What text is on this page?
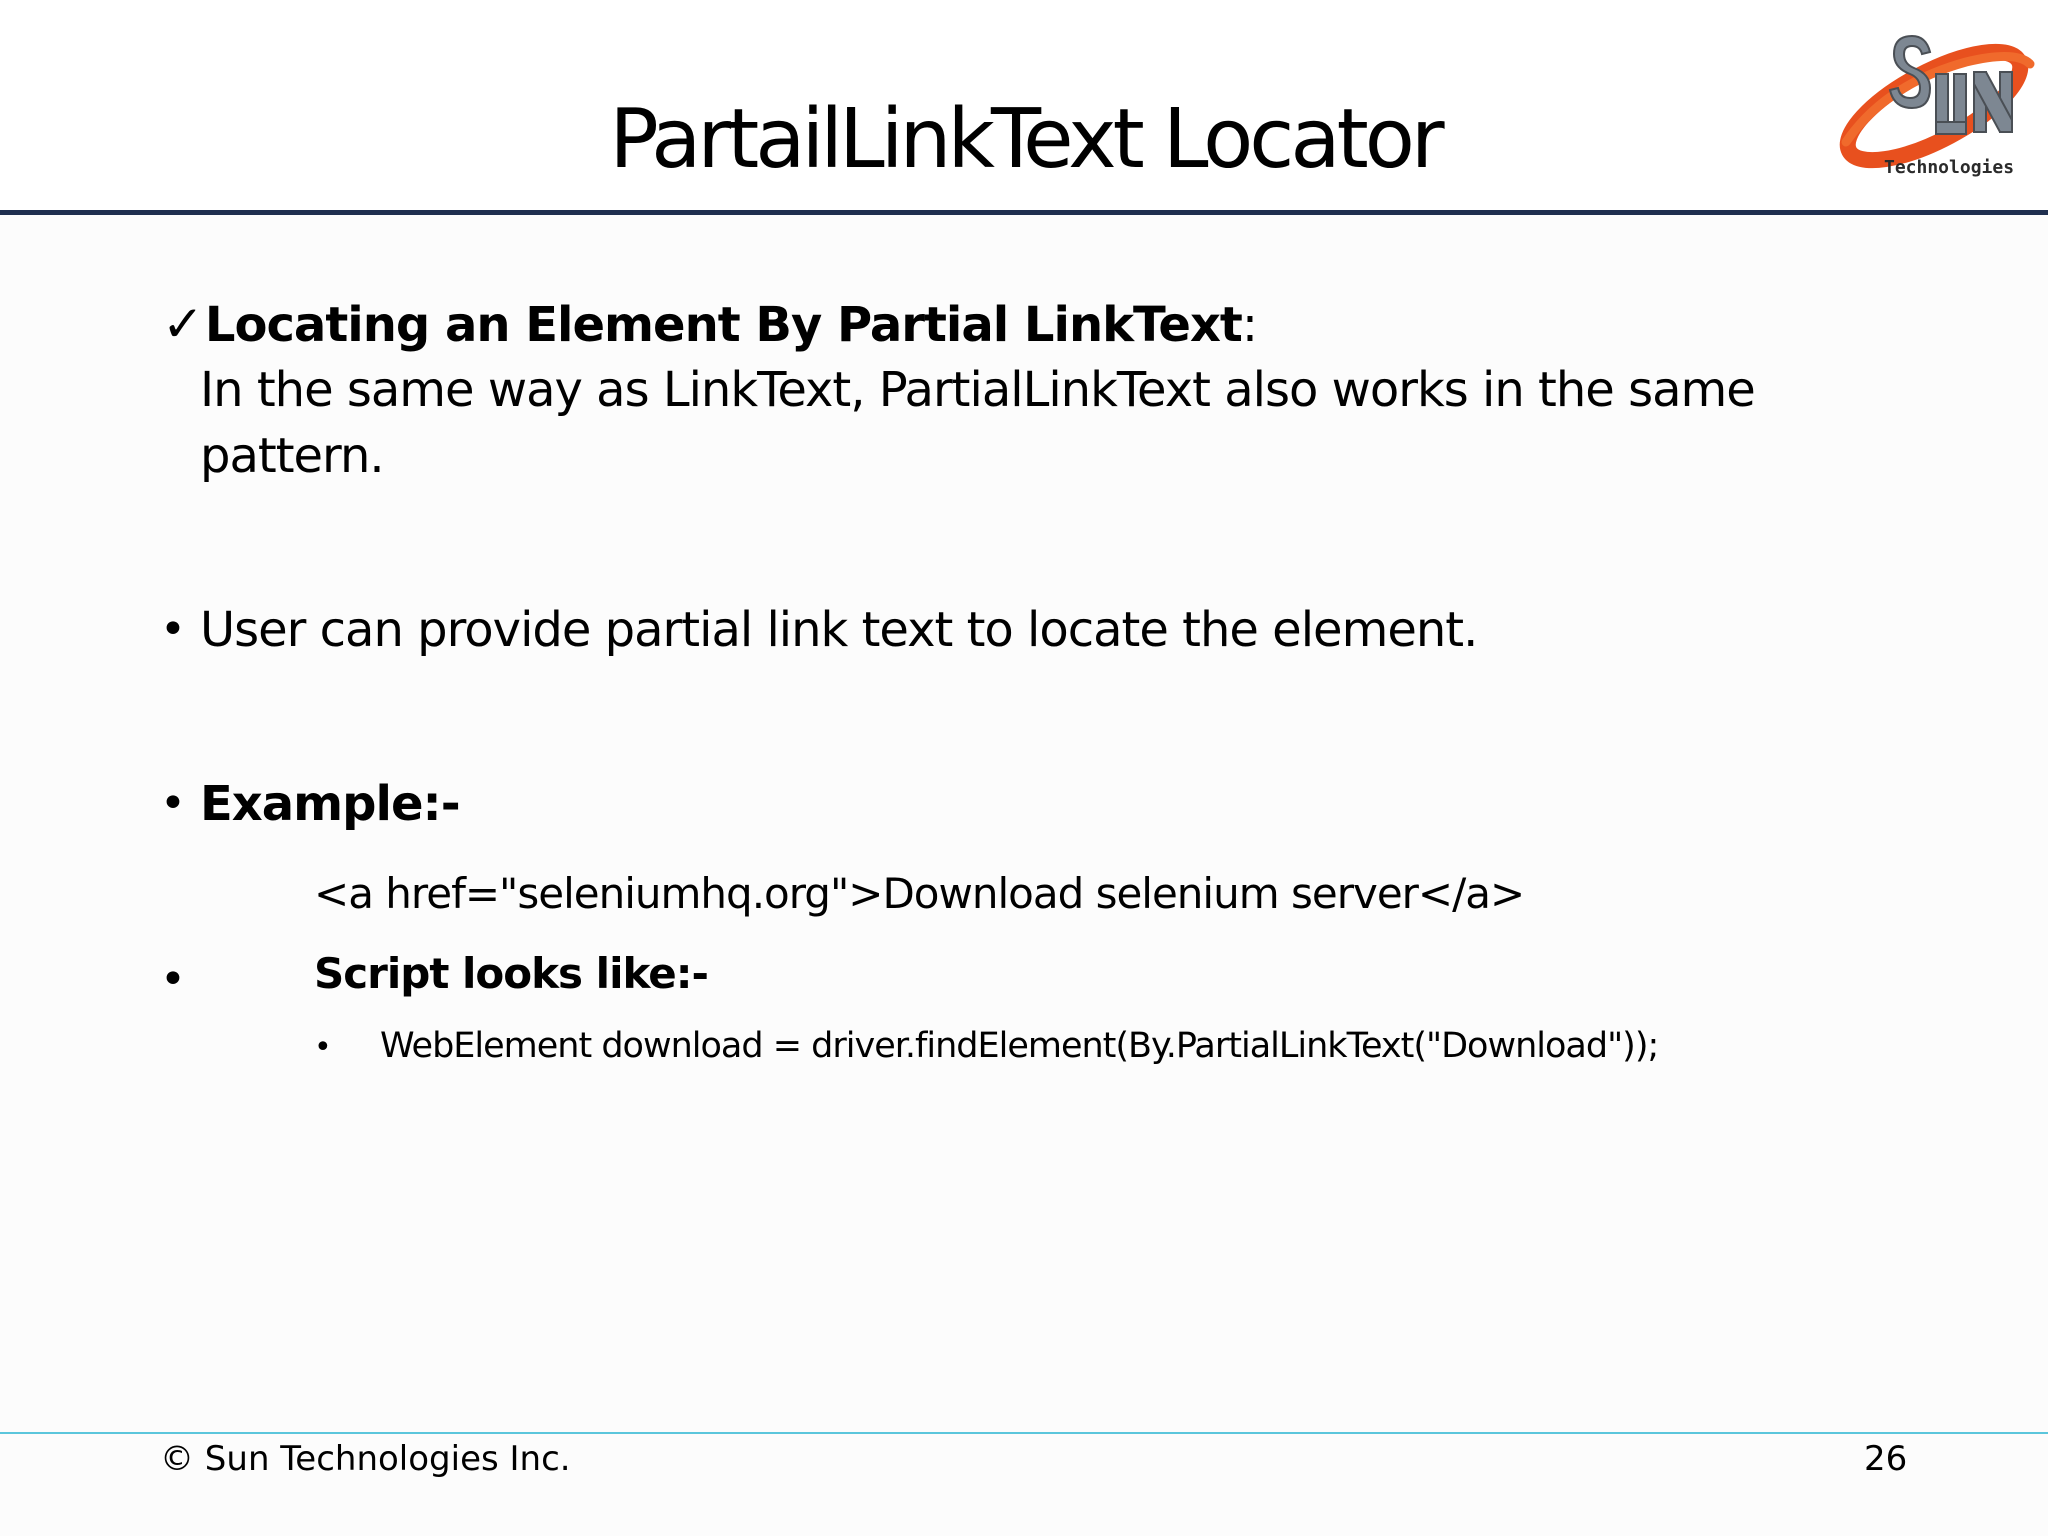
PartailLinkText Locator	Technologies
✓Locating an Element By Partial LinkText:
In the same way as LinkText, PartialLinkText also works in the same
pattern.
• User can provide partial link text to locate the element.
• Example:-
<a href="seleniumhq.org">Download selenium server</a>
•	Script looks like:-
• WebElement download = driver.findElement(By.PartialLinkText("Download"));
© Sun Technologies Inc.	26
